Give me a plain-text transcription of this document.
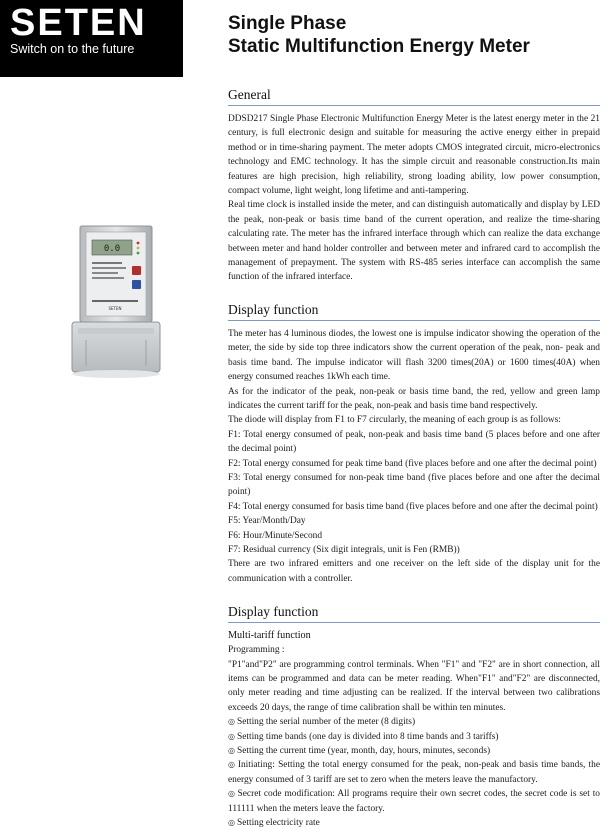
SETEN
Switch on to the future
Single Phase
Static Multifunction Energy Meter
0.0
SETEN
General
DDSD217 Single Phase Electronic Multifunction Energy Meter is the latest energy meter in the 21 century, is full electronic design and suitable for measuring the active energy either in prepaid method or in time-sharing payment. The meter adopts CMOS integrated circuit, micro-electronics technology and EMC technology. It has the simple circuit and reasonable construction.Its main features are high precision, high reliability, strong loading ability, low power consumption, compact volume, light weight, long lifetime and anti-tampering.
Real time clock is installed inside the meter, and can distinguish automatically and display by LED the peak, non-peak or basis time band of the current operation, and realize the time-sharing calculating rate. The meter has the infrared interface through which can realize the data exchange between meter and hand holder controller and between meter and infrared card to accomplish the management of prepayment. The system with RS-485 series interface can accomplish the same function of the infrared interface.
Display function
The meter has 4 luminous diodes, the lowest one is impulse indicator showing the operation of the meter, the side by side top three indicators show the current operation of the peak, non- peak and basis time band. The impulse indicator will flash 3200 times(20A) or 1600 times(40A) when energy consumed reaches 1kWh each time.
As for the indicator of the peak, non-peak or basis time band, the red, yellow and green lamp indicates the current tariff for the peak, non-peak and basis time band respectively.
The diode will display from F1 to F7 circularly, the meaning of each group is as follows:
F1: Total energy consumed of peak, non-peak and basis time band (5 places before and one after the decimal point)
F2: Total energy consumed for peak time band (five places before and one after the decimal point)
F3: Total energy consumed for non-peak time band (five places before and one after the decimal point)
F4: Total energy consumed for basis time band (five places before and one after the decimal point)
F5: Year/Month/Day
F6: Hour/Minute/Second
F7: Residual currency (Six digit integrals, unit is Fen (RMB))
There are two infrared emitters and one receiver on the left side of the display unit for the communication with a controller.
Display function
Multi-tariff function
Programming :
"P1"and"P2" are programming control terminals. When "F1" and "F2" are in short connection, all items can be programmed and data can be meter reading. When"F1" and"F2" are disconnected, only meter reading and time adjusting can be realized. If the interval between two calibrations exceeds 20 days, the range of time calibration shall be within ten minutes.
◎ Setting the serial number of the meter (8 digits)
◎ Setting time bands (one day is divided into 8 time bands and 3 tariffs)
◎ Setting the current time (year, month, day, hours, minutes, seconds)
◎ Initiating: Setting the total energy consumed for the peak, non-peak and basis time bands, the energy consumed of 3 tariff are set to zero when the meters leave the manufactory.
◎ Secret code modification: All programs require their own secret codes, the secret code is set to 111111 when the meters leave the factory.
◎ Setting electricity rate
